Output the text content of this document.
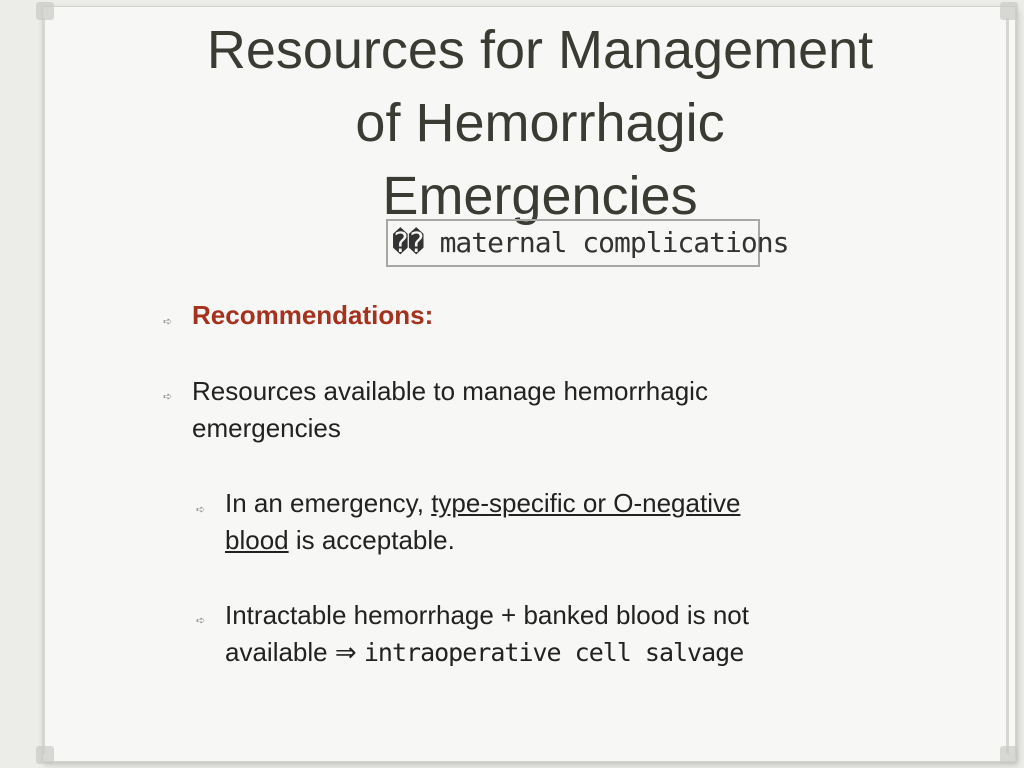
Resources for Management
of Hemorrhagic
Emergencies
�� maternal complications
➪ Recommendations:
➪ Resources available to manage hemorrhagic
emergencies
➪ In an emergency, type-specific or O-negative
blood is acceptable.
➪ Intractable hemorrhage + banked blood is not
available ⇒ intraoperative cell salvage
